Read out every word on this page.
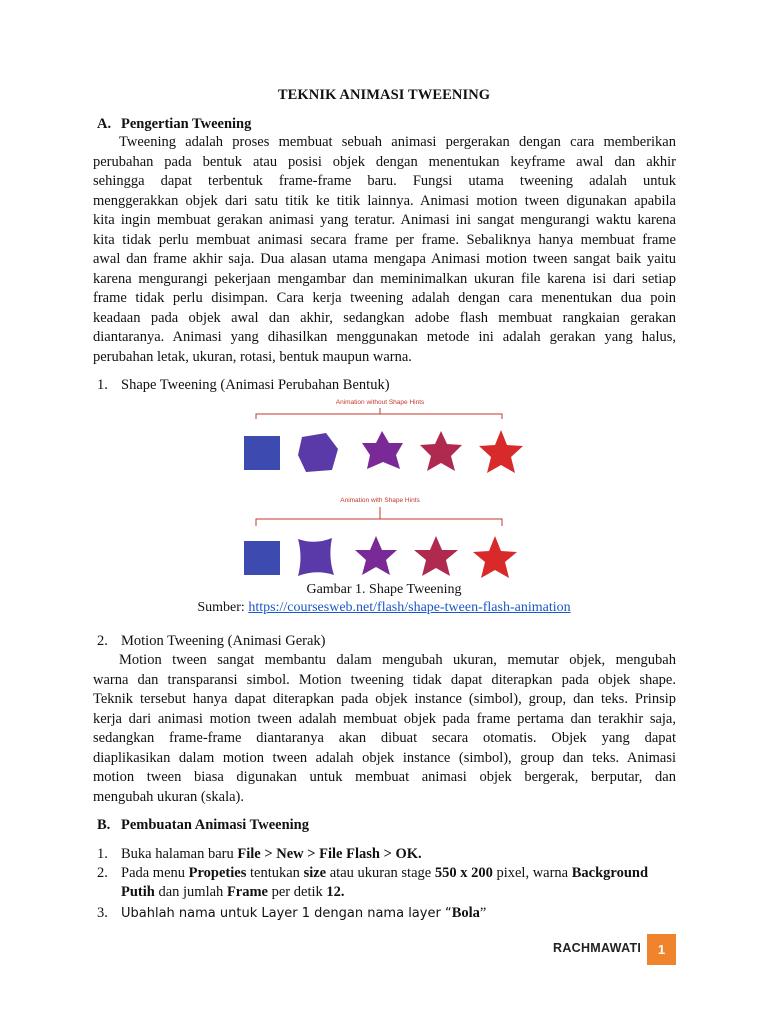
TEKNIK ANIMASI TWEENING
A. Pengertian Tweening
Tweening adalah proses membuat sebuah animasi pergerakan dengan cara memberikan
perubahan pada bentuk atau posisi objek dengan menentukan keyframe awal dan akhir
sehingga dapat terbentuk frame-frame baru. Fungsi utama tweening adalah untuk
menggerakkan objek dari satu titik ke titik lainnya. Animasi motion tween digunakan apabila
kita ingin membuat gerakan animasi yang teratur. Animasi ini sangat mengurangi waktu karena
kita tidak perlu membuat animasi secara frame per frame. Sebaliknya hanya membuat frame
awal dan frame akhir saja. Dua alasan utama mengapa Animasi motion tween sangat baik yaitu
karena mengurangi pekerjaan mengambar dan meminimalkan ukuran file karena isi dari setiap
frame tidak perlu disimpan. Cara kerja tweening adalah dengan cara menentukan dua poin
keadaan pada objek awal dan akhir, sedangkan adobe flash membuat rangkaian gerakan
diantaranya. Animasi yang dihasilkan menggunakan metode ini adalah gerakan yang halus,
perubahan letak, ukuran, rotasi, bentuk maupun warna.
1. Shape Tweening (Animasi Perubahan Bentuk)
Animation without Shape Hints
Animation with Shape Hints
Gambar 1. Shape Tweening
Sumber: https://coursesweb.net/flash/shape-tween-flash-animation
2. Motion Tweening (Animasi Gerak)
Motion tween sangat membantu dalam mengubah ukuran, memutar objek, mengubah
warna dan transparansi simbol. Motion tweening tidak dapat diterapkan pada objek shape.
Teknik tersebut hanya dapat diterapkan pada objek instance (simbol), group, dan teks. Prinsip
kerja dari animasi motion tween adalah membuat objek pada frame pertama dan terakhir saja,
sedangkan frame-frame diantaranya akan dibuat secara otomatis. Objek yang dapat
diaplikasikan dalam motion tween adalah objek instance (simbol), group dan teks. Animasi
motion tween biasa digunakan untuk membuat animasi objek bergerak, berputar, dan
mengubah ukuran (skala).
B. Pembuatan Animasi Tweening
1. Buka halaman baru File > New > File Flash > OK.
2. Pada menu Propeties tentukan size atau ukuran stage 550 x 200 pixel, warna Background
Putih dan jumlah Frame per detik 12.
3. Ubahlah nama untuk Layer 1 dengan nama layer “Bola”
RACHMAWATI	1
